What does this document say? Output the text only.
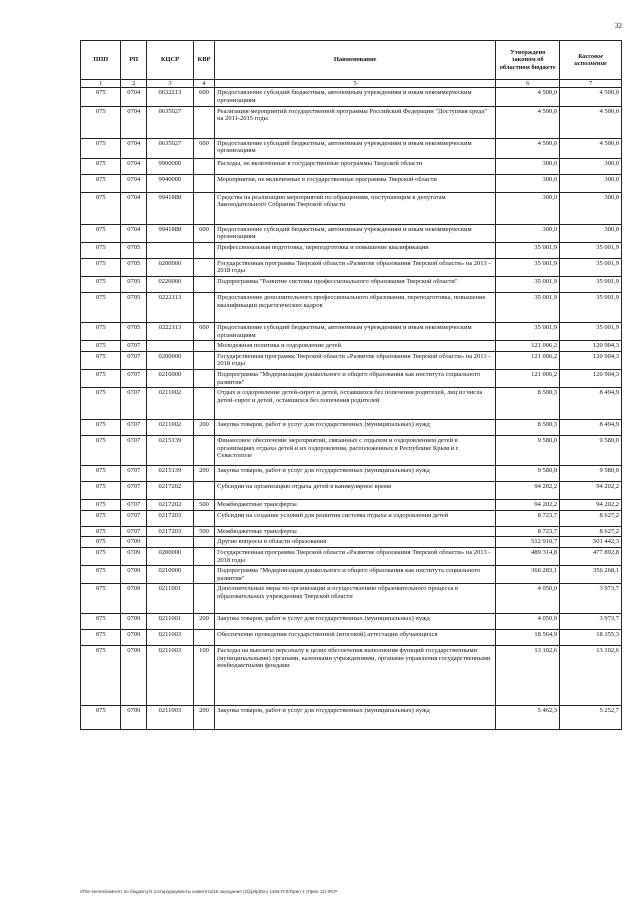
32
ППП	РП	КЦСР	КВР	Наименование	Утверждено законом об областном бюджете	Кассовое исполнение
1	2	3	4	5	6	7
075	0704	0632213	600	Предоставление субсидий бюджетным, автономным учреждениям и иным некоммерческим организациям	4 500,0	4 500,0
075	0704	0635027		Реализация мероприятий государственной программы Российской Федерации "Доступная среда" на 2011-2015 годы	4 500,0	4 500,0
075	0704	0635027	600	Предоставление субсидий бюджетным, автономным учреждениям и иным некоммерческим организациям	4 500,0	4 500,0
075	0704	9900000		Расходы, не включенные в государственные программы Тверской области	300,0	300,0
075	0704	9940000		Мероприятия, не включенные в государственные программы Тверской области	300,0	300,0
075	0704	9941888		Средства на реализацию мероприятий по обращениям, поступающим к депутатам Законодательного Собрания Тверской области	300,0	300,0
075	0704	9941888	600	Предоставление субсидий бюджетным, автономным учреждениям и иным некоммерческим организациям	300,0	300,0
075	0705			Профессиональная подготовка, переподготовка и повышение квалификации	35 001,9	35 001,9
075	0705	0200000		Государственная программа Тверской области «Развитие образования Тверской области» на 2013 - 2018 годы	35 001,9	35 001,9
075	0705	0220000		Подпрограмма "Развитие системы профессионального образования Тверской области"	35 001,9	35 001,9
075	0705	0222113		Предоставление дополнительного профессионального образования, переподготовка, повышение квалификации педагогических кадров	35 001,9	35 001,9
075	0705	0222113	600	Предоставление субсидий бюджетным, автономным учреждениям и иным некоммерческим организациям	35 001,9	35 001,9
075	0707			Молодежная политика и оздоровление детей	121 006,2	120 904,3
075	0707	0200000		Государственная программа Тверской области «Развитие образования Тверской области» на 2013 - 2018 годы	121 006,2	120 904,3
075	0707	0210000		Подпрограмма "Модернизация дошкольного и общего образования как института социального развития"	121 006,2	120 904,3
075	0707	0211002		Отдых и оздоровление детей-сирот и детей, оставшихся без попечения родителей, лиц из числа детей-сирот и детей, оставшихся без попечения родителей	8 500,3	8 494,9
075	0707	0211002	200	Закупка товаров, работ и услуг для государственных (муниципальных) нужд	8 500,3	8 494,9
075	0707	0215139		Финансовое обеспечение мероприятий, связанных с отдыхом и оздоровлением детей в организациях отдыха детей и их оздоровления, расположенных в Республике Крым и г. Севастополе	9 580,0	9 580,0
075	0707	0215139	200	Закупка товаров, работ и услуг для государственных (муниципальных) нужд	9 580,0	9 580,0
075	0707	0217202		Субсидии на организацию отдыха детей в каникулярное время	94 202,2	94 202,2
075	0707	0217202	500	Межбюджетные трансферты	94 202,2	94 202,2
075	0707	0217203		Субсидии на создание условий для развития системы отдыха и оздоровления детей	8 723,7	8 627,2
075	0707	0217203	500	Межбюджетные трансферты	8 723,7	8 627,2
075	0709			Другие вопросы в области образования	512 910,7	501 442,3
075	0709	0200000		Государственная программа Тверской области «Развитие образования Тверской области» на 2013 - 2018 годы	489 314,8	477 892,8
075	0709	0210000		Подпрограмма "Модернизация дошкольного и общего образования как института социального развития"	366 283,1	356 268,1
075	0709	0211001		Дополнительные меры по организации и осуществлению образовательного процесса в образовательных учреждениях Тверской области	4 050,0	3 973,7
075	0709	0211001	200	Закупка товаров, работ и услуг для государственных (муниципальных) нужд	4 050,0	3 973,7
075	0709	0211003		Обеспечение проведения государственной (итоговой) аттестации обучающихся	18 564,9	18 355,3
075	0709	0211003	100	Расходы на выплаты персоналу в целях обеспечения выполнения функций государственными (муниципальными) органами, казенными учреждениями, органами управления государственными внебюджетными фондами	13 102,6	13 102,6
075	0709	0211003	200	Закупка товаров, работ и услуг для государственных (муниципальных) нужд	5 462,3	5 252,7
//File-server/комитет по бюджету/1 Сотар/документы комитета/16 заседание (О)/prlpt(5n) 1496-П-5/Прил 4 (Прил 11) ФСР
